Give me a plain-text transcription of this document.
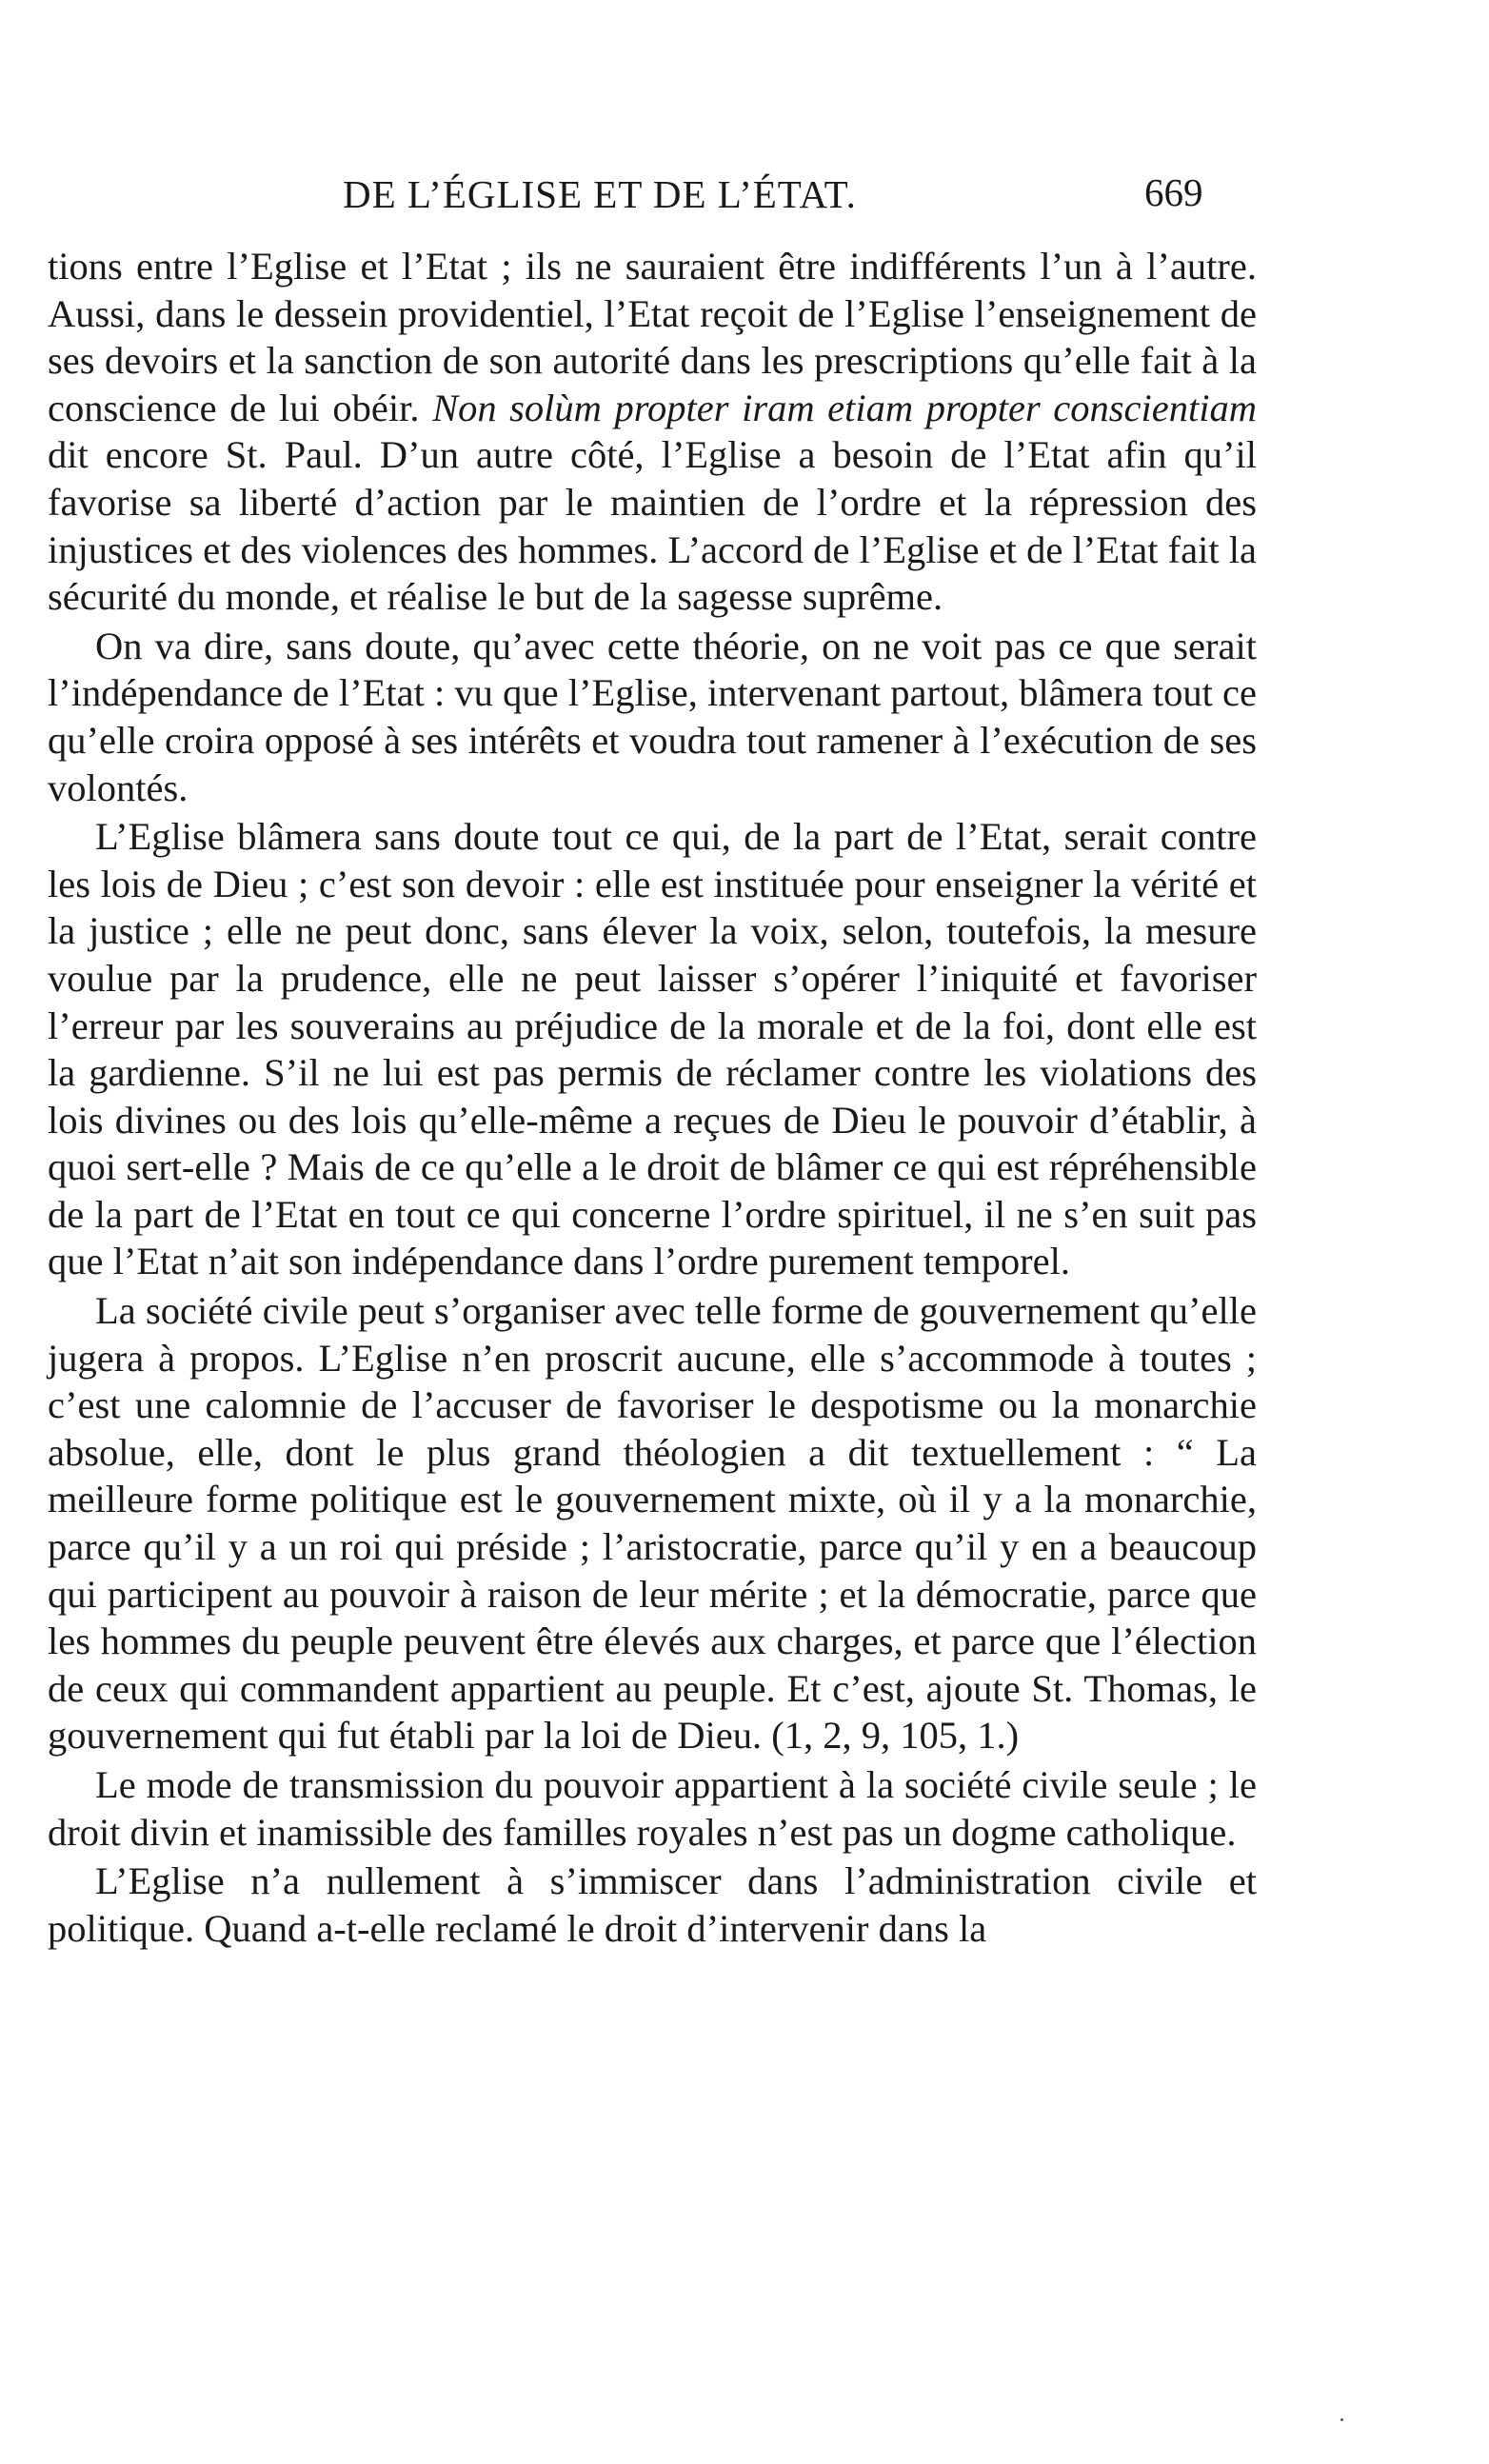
DE L’ÉGLISE ET DE L’ÉTAT.	669

tions entre l’Eglise et l’Etat ; ils ne sauraient être indifférents l’un à l’autre. Aussi, dans le dessein providentiel, l’Etat reçoit de l’Eglise l’enseignement de ses devoirs et la sanction de son autorité dans les prescriptions qu’elle fait à la conscience de lui obéir. Non solùm propter iram etiam propter conscientiam dit encore St. Paul. D’un autre côté, l’Eglise a besoin de l’Etat afin qu’il favorise sa liberté d’action par le maintien de l’ordre et la répression des injustices et des violences des hommes. L’accord de l’Eglise et de l’Etat fait la sécurité du monde, et réalise le but de la sagesse suprême.

On va dire, sans doute, qu’avec cette théorie, on ne voit pas ce que serait l’indépendance de l’Etat : vu que l’Eglise, intervenant partout, blâmera tout ce qu’elle croira opposé à ses intérêts et voudra tout ramener à l’exécution de ses volontés.

L’Eglise blâmera sans doute tout ce qui, de la part de l’Etat, serait contre les lois de Dieu ; c’est son devoir : elle est instituée pour enseigner la vérité et la justice ; elle ne peut donc, sans élever la voix, selon, toutefois, la mesure voulue par la prudence, elle ne peut laisser s’opérer l’iniquité et favoriser l’erreur par les souverains au préjudice de la morale et de la foi, dont elle est la gardienne. S’il ne lui est pas permis de réclamer contre les violations des lois divines ou des lois qu’elle-même a reçues de Dieu le pouvoir d’établir, à quoi sert-elle ? Mais de ce qu’elle a le droit de blâmer ce qui est répréhensible de la part de l’Etat en tout ce qui concerne l’ordre spirituel, il ne s’en suit pas que l’Etat n’ait son indépendance dans l’ordre purement temporel.

La société civile peut s’organiser avec telle forme de gouvernement qu’elle jugera à propos. L’Eglise n’en proscrit aucune, elle s’accommode à toutes ; c’est une calomnie de l’accuser de favoriser le despotisme ou la monarchie absolue, elle, dont le plus grand théologien a dit textuellement : “ La meilleure forme politique est le gouvernement mixte, où il y a la monarchie, parce qu’il y a un roi qui préside ; l’aristocratie, parce qu’il y en a beaucoup qui participent au pouvoir à raison de leur mérite ; et la démocratie, parce que les hommes du peuple peuvent être élevés aux charges, et parce que l’élection de ceux qui commandent appartient au peuple. Et c’est, ajoute St. Thomas, le gouvernement qui fut établi par la loi de Dieu. (1, 2, 9, 105, 1.)

Le mode de transmission du pouvoir appartient à la société civile seule ; le droit divin et inamissible des familles royales n’est pas un dogme catholique.

L’Eglise n’a nullement à s’immiscer dans l’administration civile et politique. Quand a-t-elle reclamé le droit d’intervenir dans la
